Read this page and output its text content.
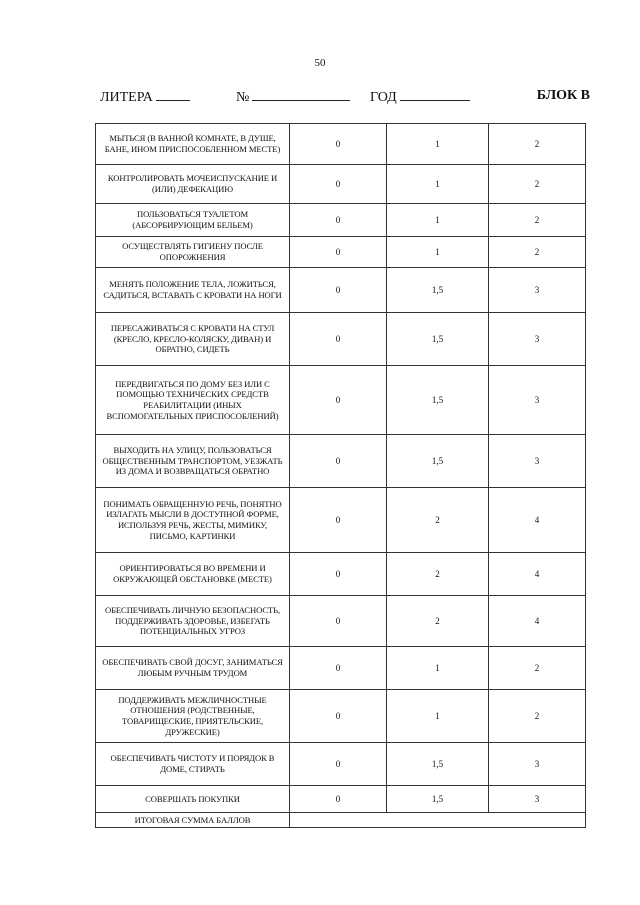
50
ЛИТЕРА	№	ГОД	БЛОК В
МЫТЬСЯ (В ВАННОЙ КОМНАТЕ, В ДУШЕ, БАНЕ, ИНОМ ПРИСПОСОБЛЕННОМ МЕСТЕ)	0	1	2
КОНТРОЛИРОВАТЬ МОЧЕИСПУСКАНИЕ И (ИЛИ) ДЕФЕКАЦИЮ	0	1	2
ПОЛЬЗОВАТЬСЯ ТУАЛЕТОМ (АБСОРБИРУЮЩИМ БЕЛЬЕМ)	0	1	2
ОСУЩЕСТВЛЯТЬ ГИГИЕНУ ПОСЛЕ ОПОРОЖНЕНИЯ	0	1	2
МЕНЯТЬ ПОЛОЖЕНИЕ ТЕЛА, ЛОЖИТЬСЯ, САДИТЬСЯ, ВСТАВАТЬ С КРОВАТИ НА НОГИ	0	1,5	3
ПЕРЕСАЖИВАТЬСЯ С КРОВАТИ НА СТУЛ (КРЕСЛО, КРЕСЛО-КОЛЯСКУ, ДИВАН) И ОБРАТНО, СИДЕТЬ	0	1,5	3
ПЕРЕДВИГАТЬСЯ ПО ДОМУ БЕЗ ИЛИ С ПОМОЩЬЮ ТЕХНИЧЕСКИХ СРЕДСТВ РЕАБИЛИТАЦИИ (ИНЫХ ВСПОМОГАТЕЛЬНЫХ ПРИСПОСОБЛЕНИЙ)	0	1,5	3
ВЫХОДИТЬ НА УЛИЦУ, ПОЛЬЗОВАТЬСЯ ОБЩЕСТВЕННЫМ ТРАНСПОРТОМ, УЕЗЖАТЬ ИЗ ДОМА И ВОЗВРАЩАТЬСЯ ОБРАТНО	0	1,5	3
ПОНИМАТЬ ОБРАЩЕННУЮ РЕЧЬ, ПОНЯТНО ИЗЛАГАТЬ МЫСЛИ В ДОСТУПНОЙ ФОРМЕ, ИСПОЛЬЗУЯ РЕЧЬ, ЖЕСТЫ, МИМИКУ, ПИСЬМО, КАРТИНКИ	0	2	4
ОРИЕНТИРОВАТЬСЯ ВО ВРЕМЕНИ И ОКРУЖАЮЩЕЙ ОБСТАНОВКЕ (МЕСТЕ)	0	2	4
ОБЕСПЕЧИВАТЬ ЛИЧНУЮ БЕЗОПАСНОСТЬ, ПОДДЕРЖИВАТЬ ЗДОРОВЬЕ, ИЗБЕГАТЬ ПОТЕНЦИАЛЬНЫХ УГРОЗ	0	2	4
ОБЕСПЕЧИВАТЬ СВОЙ ДОСУГ, ЗАНИМАТЬСЯ ЛЮБЫМ РУЧНЫМ ТРУДОМ	0	1	2
ПОДДЕРЖИВАТЬ МЕЖЛИЧНОСТНЫЕ ОТНОШЕНИЯ (РОДСТВЕННЫЕ, ТОВАРИЩЕСКИЕ, ПРИЯТЕЛЬСКИЕ, ДРУЖЕСКИЕ)	0	1	2
ОБЕСПЕЧИВАТЬ ЧИСТОТУ И ПОРЯДОК В ДОМЕ, СТИРАТЬ	0	1,5	3
СОВЕРШАТЬ ПОКУПКИ	0	1,5	3
ИТОГОВАЯ СУММА БАЛЛОВ			
